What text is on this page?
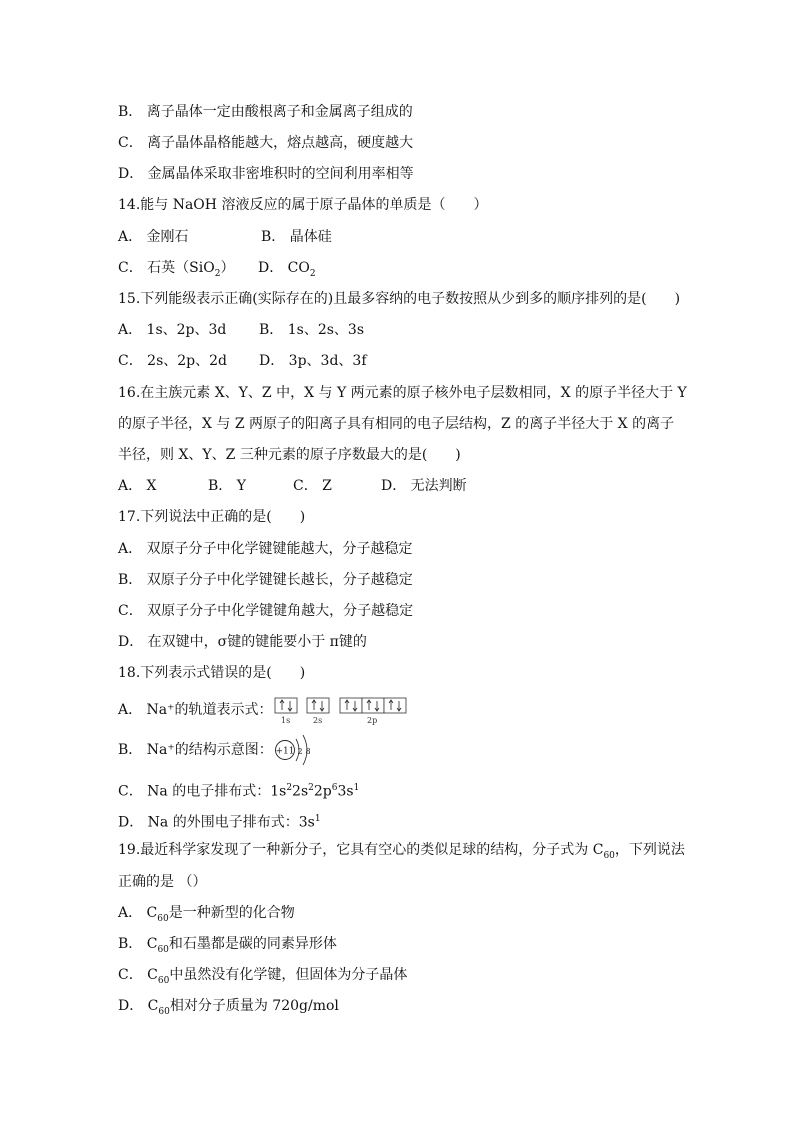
B． 离子晶体一定由酸根离子和金属离子组成的
C． 离子晶体晶格能越大，熔点越高，硬度越大
D． 金属晶体采取非密堆积时的空间利用率相等
14.能与 NaOH 溶液反应的属于原子晶体的单质是（　　）
A． 金刚石	B． 晶体硅
C． 石英（SiO$_2$） D． $CO_2$
15.下列能级表示正确(实际存在的)且最多容纳的电子数按照从少到多的顺序排列的是(　　)
A． 1s、2p、3d B． 1s、2s、3s
C． 2s、2p、2d D． 3p、3d、3f
16.在主族元素 X、Y、Z 中，X 与 Y 两元素的原子核外电子层数相同，X 的原子半径大于 Y
的原子半径，X 与 Z 两原子的阳离子具有相同的电子层结构，Z 的离子半径大于 X 的离子
半径，则 X、Y、Z 三种元素的原子序数最大的是(　　)
A． X	B． Y	C． Z	D． 无法判断
17.下列说法中正确的是(　　)
A． 双原子分子中化学键键能越大，分子越稳定
B． 双原子分子中化学键键长越长，分子越稳定
C． 双原子分子中化学键键角越大，分子越稳定
D． 在双键中，σ键的键能要小于 π键的
18.下列表示式错误的是(　　)
A． Na⁺的轨道表示式：
1s	2s	2p
B． Na⁺的结构示意图： +11 2 8
C． Na 的电子排布式：$1s^22s^22p^63s^1$
D． Na 的外围电子排布式：$3s^1$
19.最近科学家发现了一种新分子，它具有空心的类似足球的结构，分子式为 $C_{60}$，下列说法
正确的是 （）
A． $C_{60}$是一种新型的化合物
B． $C_{60}$和石墨都是碳的同素异形体
C． $C_{60}$中虽然没有化学键，但固体为分子晶体
D． $C_{60}$相对分子质量为 720g/mol
